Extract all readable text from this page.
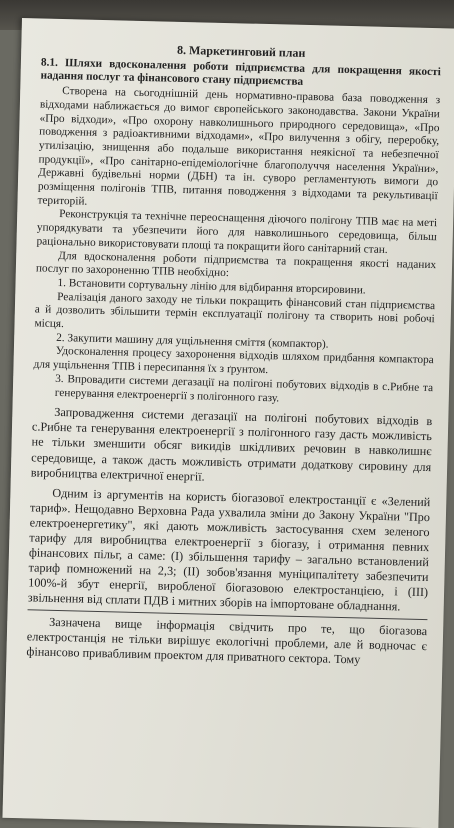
8. Маркетинговий план

8.1. Шляхи вдосконалення роботи підприємства для покращення якості надання послуг та фінансового стану підприємства

Створена на сьогоднішній день нормативно-правова база поводження з відходами наближається до вимог європейського законодавства. Закони України «Про відходи», «Про охорону навколишнього природного середовища», «Про поводження з радіоактивними відходами», «Про вилучення з обігу, переробку, утилізацію, знищення або подальше використання неякісної та небезпечної продукції», «Про санітарно-епідеміологічне благополуччя населення України», Державні будівельні норми (ДБН) та ін. суворо регламентують вимоги до розміщення полігонів ТПВ, питання поводження з відходами та рекультивації територій.

Реконструкція та технічне переоснащення діючого полігону ТПВ має на меті упорядкувати та убезпечити його для навколишнього середовища, більш раціонально використовувати площі та покращити його санітарний стан.

Для вдосконалення роботи підприємства та покращення якості наданих послуг по захороненню ТПВ необхідно:

1. Встановити сортувальну лінію для відбирання вторсировини.

Реалізація даного заходу не тільки покращить фінансовий стан підприємства а й дозволить збільшити термін експлуатації полігону та створить нові робочі місця.

2. Закупити машину для ущільнення сміття (компактор).

Удосконалення процесу захоронення відходів шляхом придбання компактора для ущільнення ТПВ і пересипання їх з ґрунтом.

3. Впровадити системи дегазації на полігоні побутових відходів в с.Рибне та генерування електроенергії з полігонного газу.

Запровадження системи дегазації на полігоні побутових відходів в с.Рибне та генерування електроенергії з полігонного газу дасть можливість не тільки зменшити обсяг викидів шкідливих речовин в навколишнє середовище, а також дасть можливість отримати додаткову сировину для виробництва електричної енергії.

Одним із аргументів на користь біогазової електростанції є «Зелений тариф». Нещодавно Верховна Рада ухвалила зміни до Закону України "Про електроенергетику", які дають можливість застосування схем зеленого тарифу для виробництва електроенергії з біогазу, і отримання певних фінансових пільг, а саме: (І) збільшення тарифу – загально встановлений тариф помножений на 2,3; (ІІ) зобов'язання муніципалітету забезпечити 100%-й збут енергії, виробленої біогазовою електростанцією, і (ІІІ) звільнення від сплати ПДВ і митних зборів на імпортоване обладнання.

Зазначена вище інформація свідчить про те, що біогазова електростанція не тільки вирішує екологічні проблеми, але й водночас є фінансово привабливим проектом для приватного сектора. Тому
